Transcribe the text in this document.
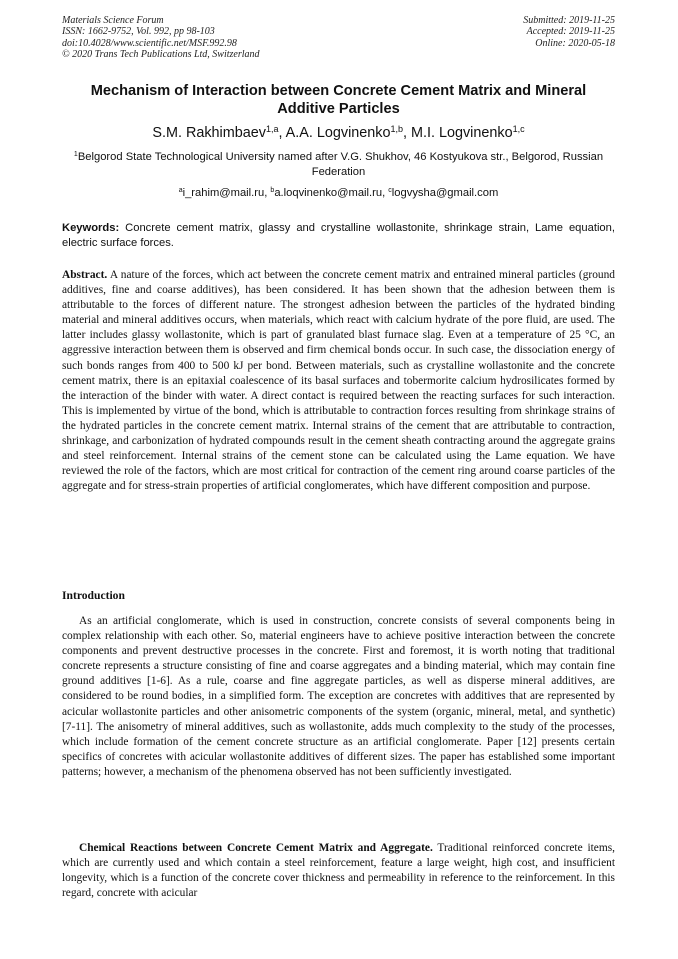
Materials Science Forum
ISSN: 1662-9752, Vol. 992, pp 98-103
doi:10.4028/www.scientific.net/MSF.992.98
© 2020 Trans Tech Publications Ltd, Switzerland
Submitted: 2019-11-25
Accepted: 2019-11-25
Online: 2020-05-18
Mechanism of Interaction between Concrete Cement Matrix and Mineral Additive Particles
S.M. Rakhimbaev$^{1,a}$, A.A. Logvinenko$^{1,b}$, M.I. Logvinenko$^{1,c}$
$^1$Belgorod State Technological University named after V.G. Shukhov, 46 Kostyukova str., Belgorod, Russian Federation
$^a$i_rahim@mail.ru, $^b$a.loqvinenko@mail.ru, $^c$logvysha@gmail.com
Keywords: Concrete cement matrix, glassy and crystalline wollastonite, shrinkage strain, Lame equation, electric surface forces.
Abstract. A nature of the forces, which act between the concrete cement matrix and entrained mineral particles (ground additives, fine and coarse additives), has been considered. It has been shown that the adhesion between them is attributable to the forces of different nature. The strongest adhesion between the particles of the hydrated binding material and mineral additives occurs, when materials, which react with calcium hydrate of the pore fluid, are used. The latter includes glassy wollastonite, which is part of granulated blast furnace slag. Even at a temperature of 25 °C, an aggressive interaction between them is observed and firm chemical bonds occur. In such case, the dissociation energy of such bonds ranges from 400 to 500 kJ per bond. Between materials, such as crystalline wollastonite and the concrete cement matrix, there is an epitaxial coalescence of its basal surfaces and tobermorite calcium hydrosilicates formed by the interaction of the binder with water. A direct contact is required between the reacting surfaces for such interaction. This is implemented by virtue of the bond, which is attributable to contraction forces resulting from shrinkage strains of the hydrated particles in the concrete cement matrix. Internal strains of the cement that are attributable to contraction, shrinkage, and carbonization of hydrated compounds result in the cement sheath contracting around the aggregate grains and steel reinforcement. Internal strains of the cement stone can be calculated using the Lame equation. We have reviewed the role of the factors, which are most critical for contraction of the cement ring around coarse particles of the aggregate and for stress-strain properties of artificial conglomerates, which have different composition and purpose.
Introduction
As an artificial conglomerate, which is used in construction, concrete consists of several components being in complex relationship with each other. So, material engineers have to achieve positive interaction between the concrete components and prevent destructive processes in the concrete. First and foremost, it is worth noting that traditional concrete represents a structure consisting of fine and coarse aggregates and a binding material, which may contain fine ground additives [1-6]. As a rule, coarse and fine aggregate particles, as well as disperse mineral additives, are considered to be round bodies, in a simplified form. The exception are concretes with additives that are represented by acicular wollastonite particles and other anisometric components of the system (organic, mineral, metal, and synthetic) [7-11]. The anisometry of mineral additives, such as wollastonite, adds much complexity to the study of the processes, which include formation of the cement concrete structure as an artificial conglomerate. Paper [12] presents certain specifics of concretes with acicular wollastonite additives of different sizes. The paper has established some important patterns; however, a mechanism of the phenomena observed has not been sufficiently investigated.
Chemical Reactions between Concrete Cement Matrix and Aggregate. Traditional reinforced concrete items, which are currently used and which contain a steel reinforcement, feature a large weight, high cost, and insufficient longevity, which is a function of the concrete cover thickness and permeability in reference to the reinforcement. In this regard, concrete with acicular
